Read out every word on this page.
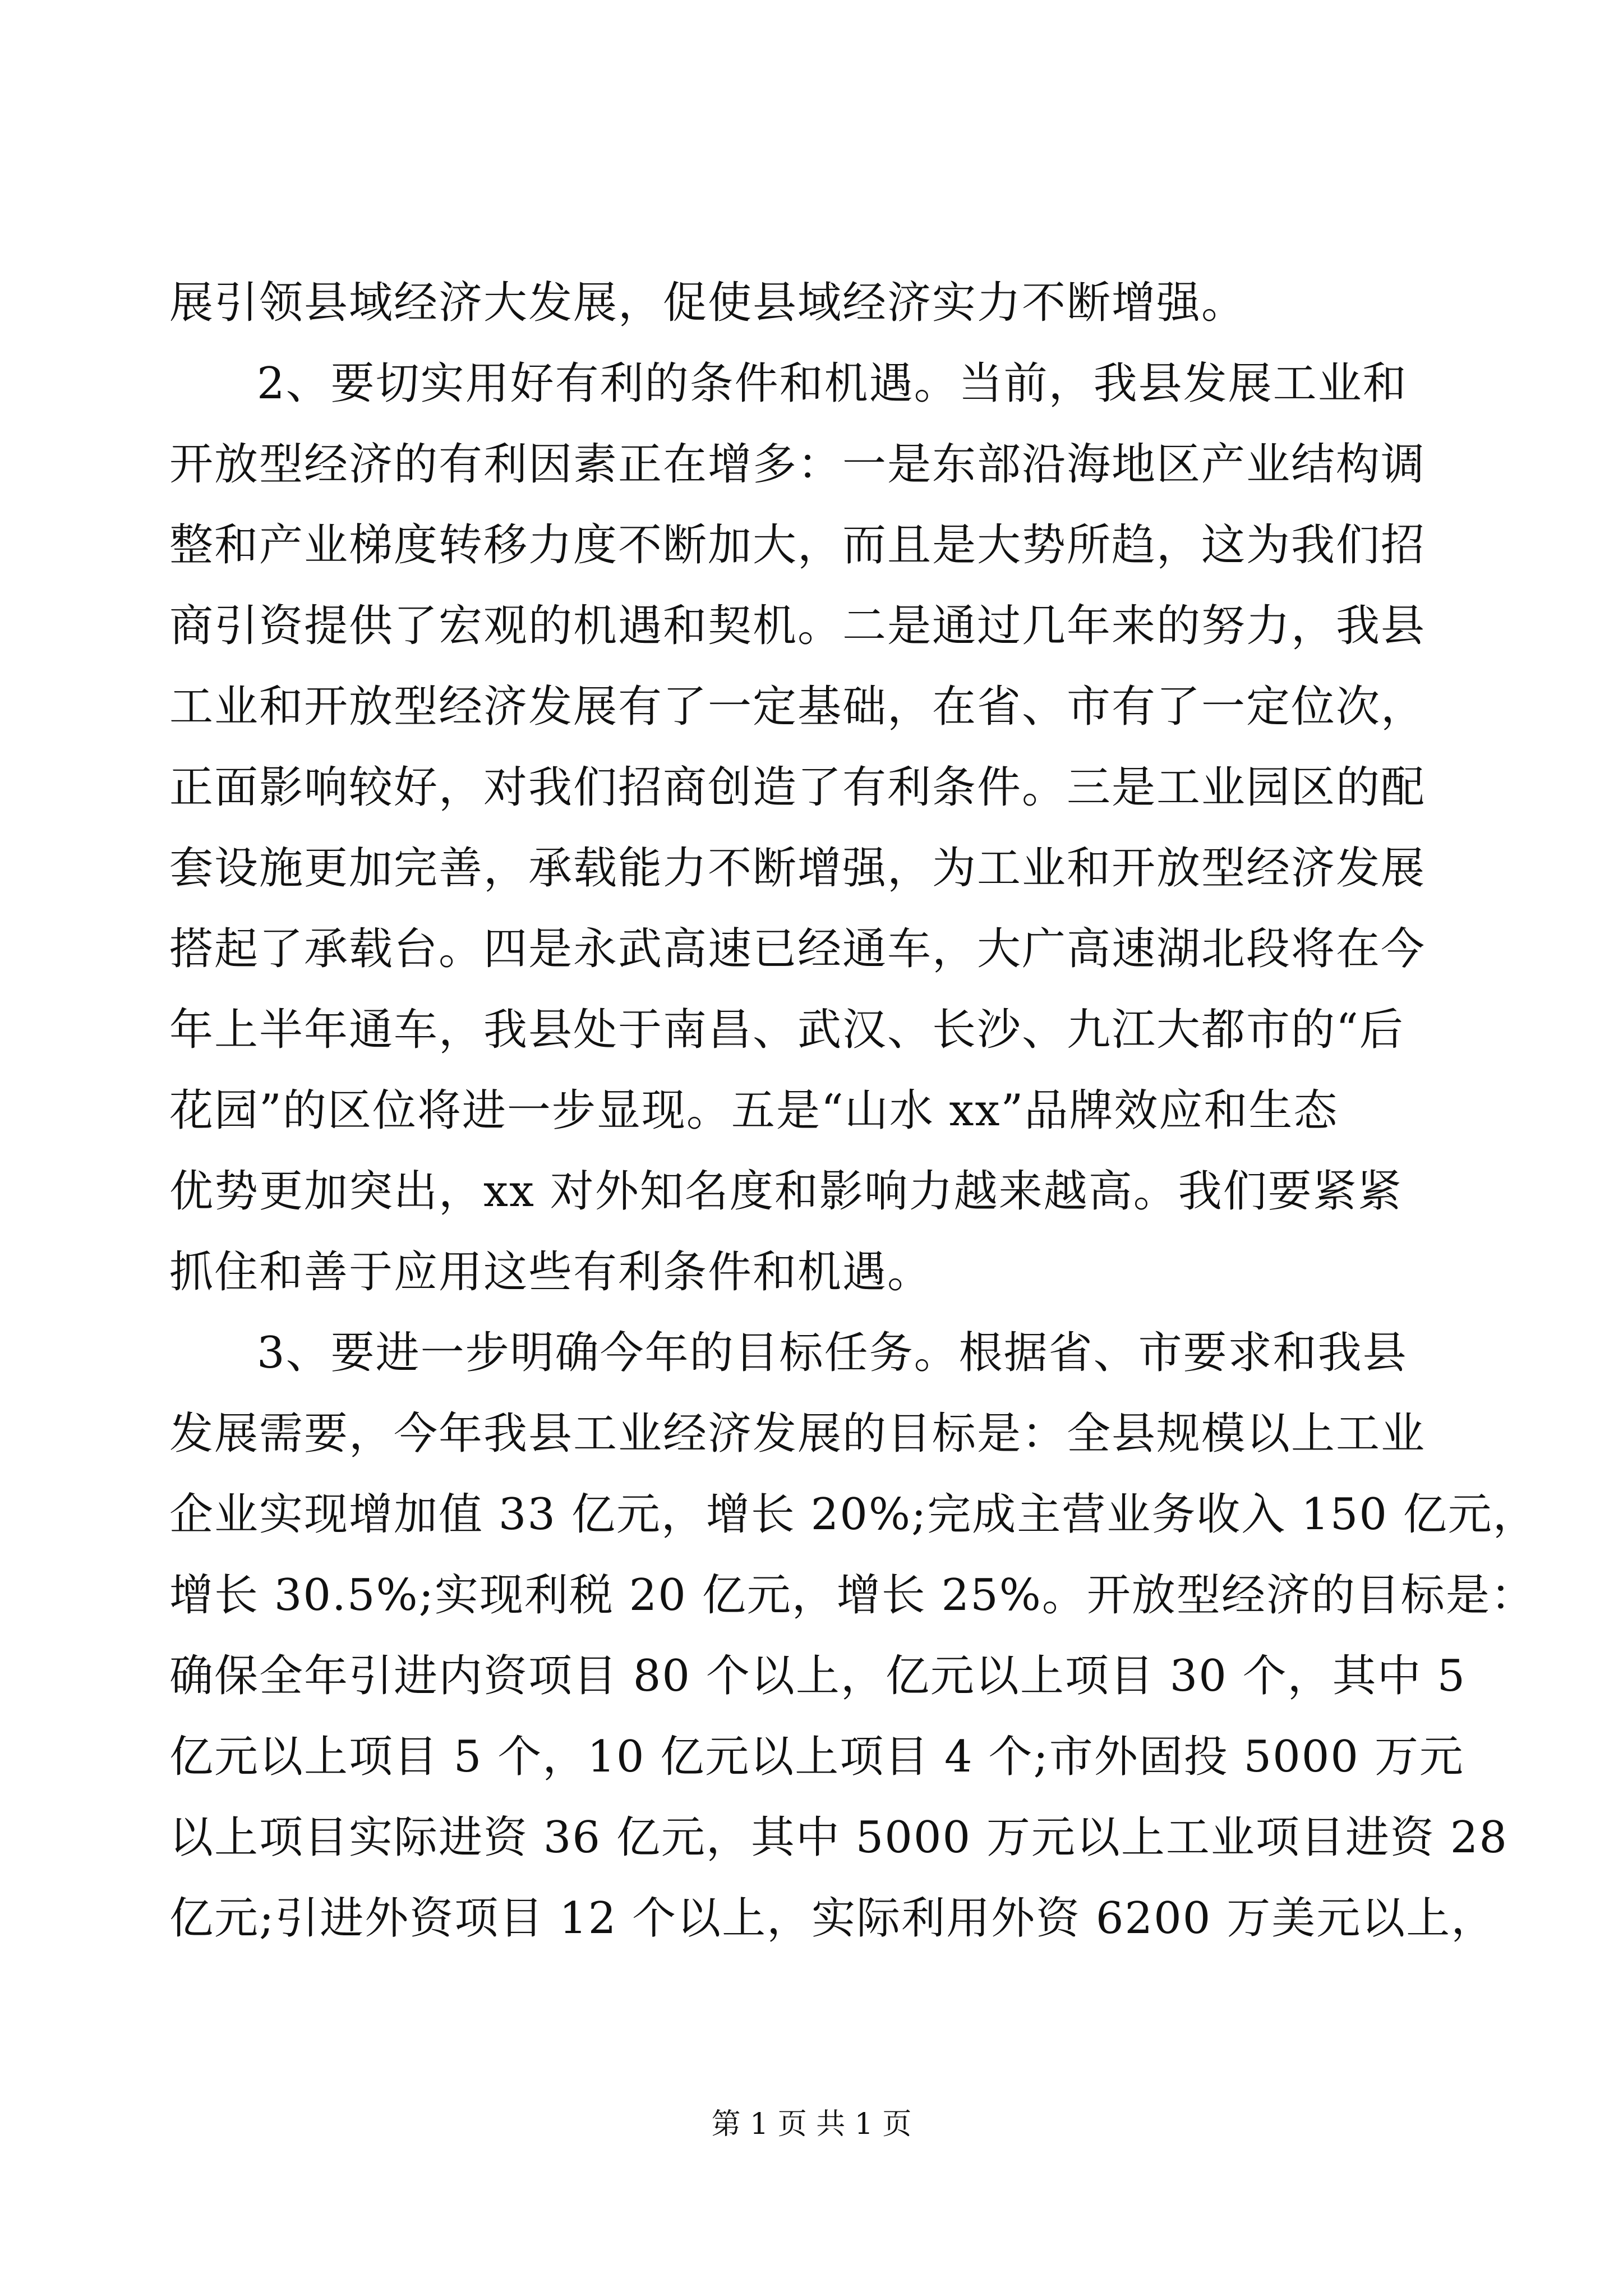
展引领县域经济大发展，促使县域经济实力不断增强。
2、要切实用好有利的条件和机遇。当前，我县发展工业和
开放型经济的有利因素正在增多：一是东部沿海地区产业结构调
整和产业梯度转移力度不断加大，而且是大势所趋，这为我们招
商引资提供了宏观的机遇和契机。二是通过几年来的努力，我县
工业和开放型经济发展有了一定基础，在省、市有了一定位次，
正面影响较好，对我们招商创造了有利条件。三是工业园区的配
套设施更加完善，承载能力不断增强，为工业和开放型经济发展
搭起了承载台。四是永武高速已经通车，大广高速湖北段将在今
年上半年通车，我县处于南昌、武汉、长沙、九江大都市的“后
花园”的区位将进一步显现。五是“山水 xx”品牌效应和生态
优势更加突出，xx 对外知名度和影响力越来越高。我们要紧紧
抓住和善于应用这些有利条件和机遇。
3、要进一步明确今年的目标任务。根据省、市要求和我县
发展需要，今年我县工业经济发展的目标是：全县规模以上工业
企业实现增加值 33 亿元，增长 20%;完成主营业务收入 150 亿元，
增长 30.5%;实现利税 20 亿元，增长 25%。开放型经济的目标是：
确保全年引进内资项目 80 个以上，亿元以上项目 30 个，其中 5
亿元以上项目 5 个，10 亿元以上项目 4 个;市外固投 5000 万元
以上项目实际进资 36 亿元，其中 5000 万元以上工业项目进资 28
亿元;引进外资项目 12 个以上，实际利用外资 6200 万美元以上，
第 1 页 共 1 页
